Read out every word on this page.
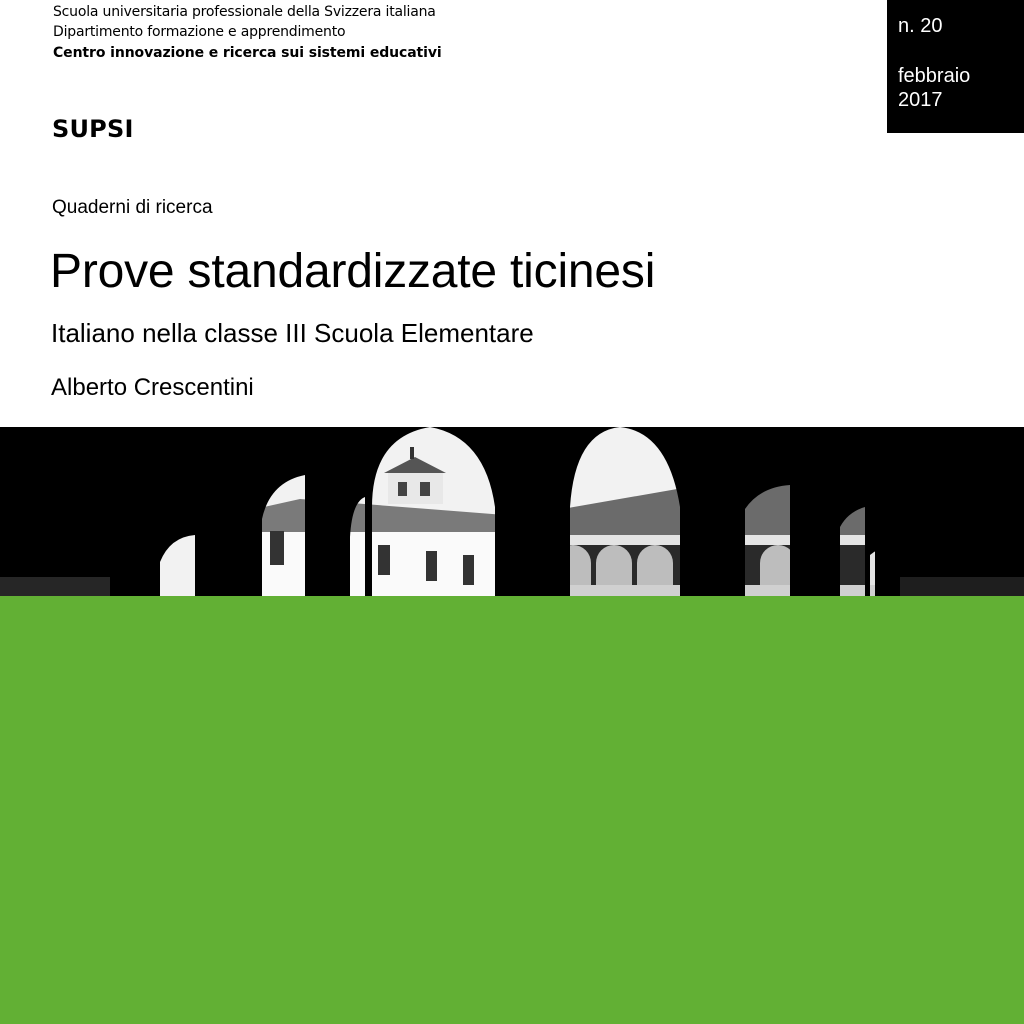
Scuola universitaria professionale della Svizzera italiana
Dipartimento formazione e apprendimento
Centro innovazione e ricerca sui sistemi educativi
SUPSI
Quaderni di ricerca
Prove standardizzate ticinesi
Italiano nella classe III Scuola Elementare
Alberto Crescentini
n. 20
febbraio
2017
